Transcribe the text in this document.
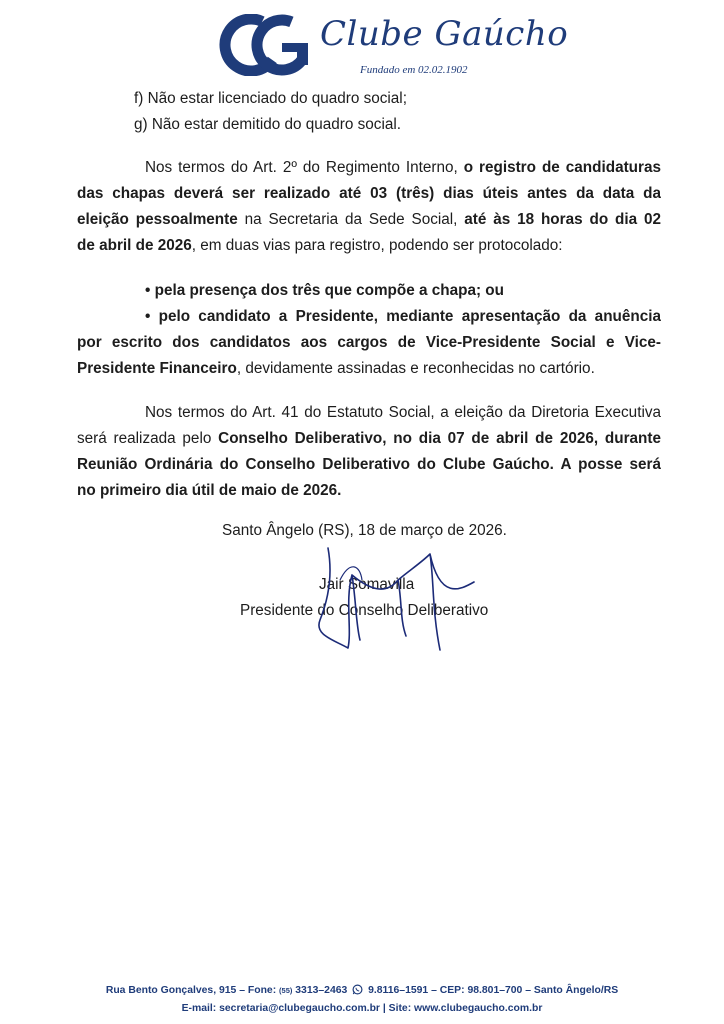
Clube Gaúcho
Fundado em 02.02.1902
f) Não estar licenciado do quadro social;
g) Não estar demitido do quadro social.
Nos termos do Art. 2º do Regimento Interno, o registro de candidaturas
das chapas deverá ser realizado até 03 (três) dias úteis antes da data da
eleição pessoalmente na Secretaria da Sede Social, até às 18 horas do dia 02
de abril de 2026, em duas vias para registro, podendo ser protocolado:
• pela presença dos três que compõe a chapa; ou
• pelo candidato a Presidente, mediante apresentação da anuência
por escrito dos candidatos aos cargos de Vice-Presidente Social e Vice-
Presidente Financeiro, devidamente assinadas e reconhecidas no cartório.
Nos termos do Art. 41 do Estatuto Social, a eleição da Diretoria Executiva
será realizada pelo Conselho Deliberativo, no dia 07 de abril de 2026, durante
Reunião Ordinária do Conselho Deliberativo do Clube Gaúcho. A posse será
no primeiro dia útil de maio de 2026.
Santo Ângelo (RS), 18 de março de 2026.
Jair Somavilla
Presidente do Conselho Deliberativo
Rua Bento Gonçalves, 915 – Fone: (55) 3313–2463 9.8116–1591 – CEP: 98.801–700 – Santo Ângelo/RS
E-mail: secretaria@clubegaucho.com.br | Site: www.clubegaucho.com.br
